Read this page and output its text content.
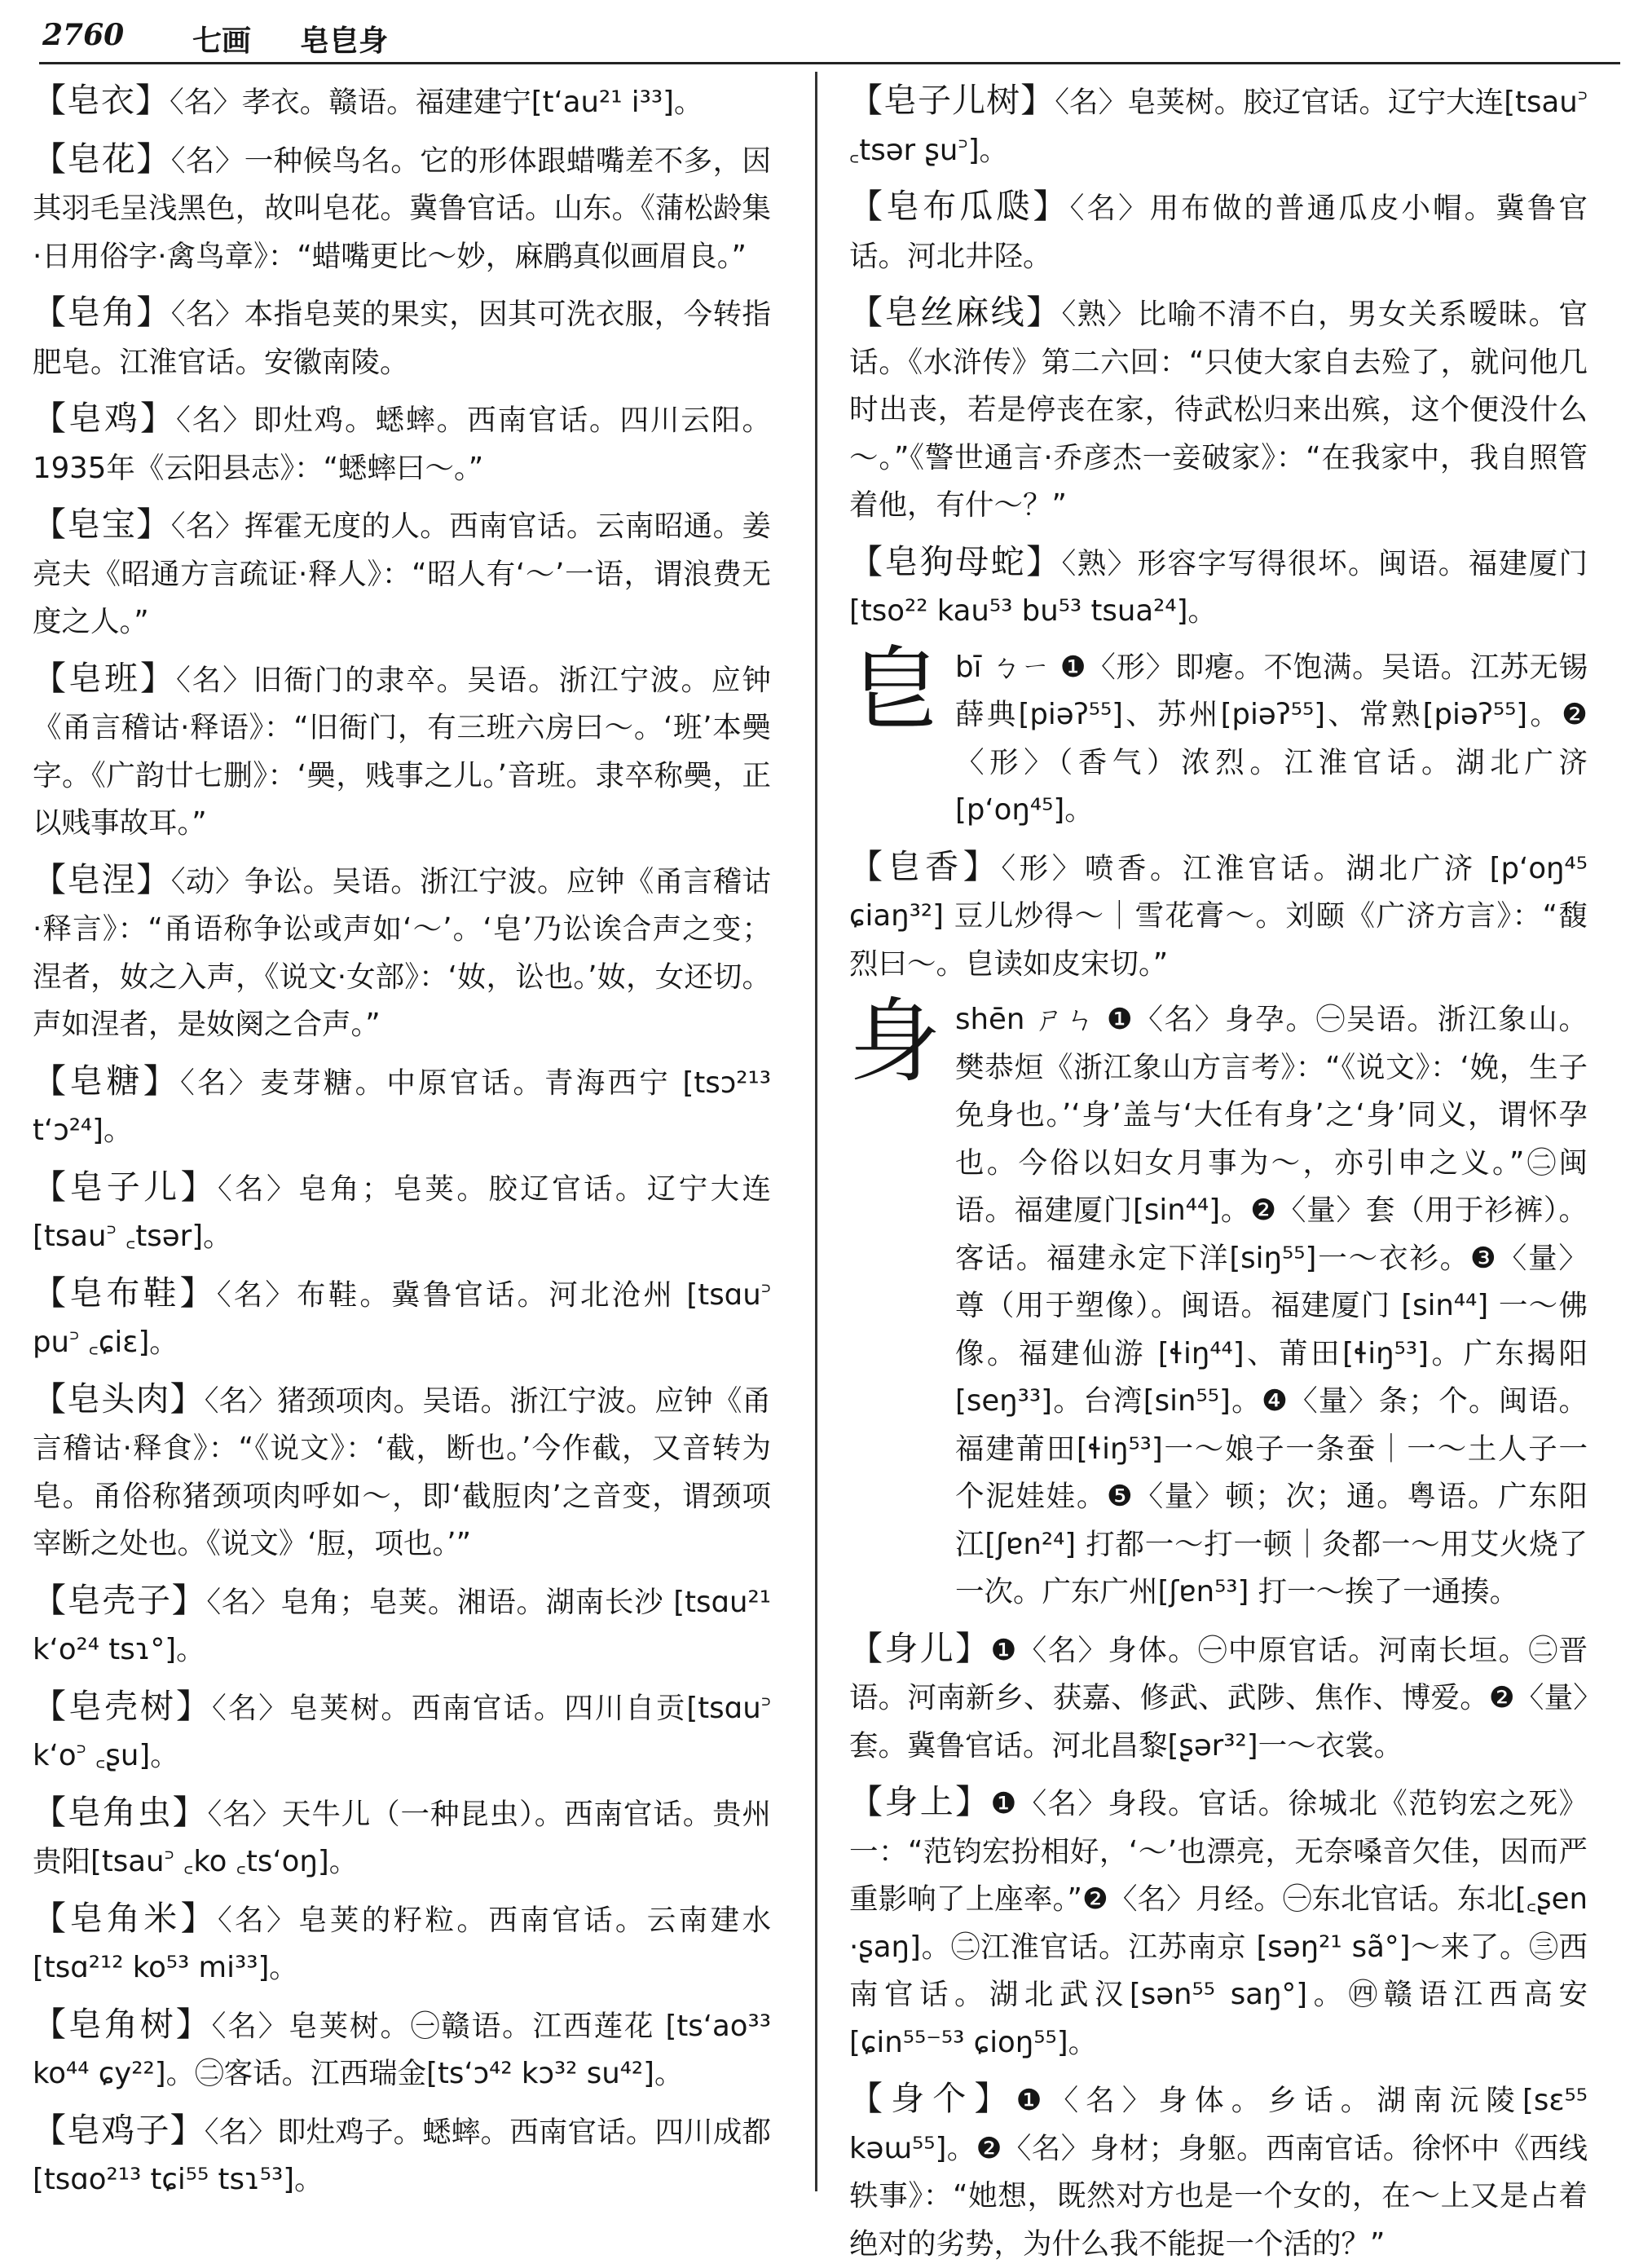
2760 七画 皂皀身

【皂衣】〈名〉孝衣。赣语。福建建宁[tʻau²¹ i³³]。

【皂花】〈名〉一种候鸟名。它的形体跟蜡嘴差不多，因其羽毛呈浅黑色，故叫皂花。冀鲁官话。山东。《蒲松龄集·日用俗字·禽鸟章》：“蜡嘴更比～妙，麻鹛真似画眉良。”

【皂角】〈名〉本指皂荚的果实，因其可洗衣服，今转指肥皂。江淮官话。安徽南陵。

【皂鸡】〈名〉即灶鸡。蟋蟀。西南官话。四川云阳。1935年《云阳县志》：“蟋蟀曰～。”

【皂宝】〈名〉挥霍无度的人。西南官话。云南昭通。姜亮夫《昭通方言疏证·释人》：“昭人有‘～’一语，谓浪费无度之人。”

【皂班】〈名〉旧衙门的隶卒。吴语。浙江宁波。应钟《甬言稽诂·释语》：“旧衙门，有三班六房曰～。‘班’本奰字。《广韵廿七删》：‘奰，贱事之儿。’音班。隶卒称奰，正以贱事故耳。”

【皂涅】〈动〉争讼。吴语。浙江宁波。应钟《甬言稽诂·释言》：“甬语称争讼或声如‘～’。‘皂’乃讼诶合声之变；涅者，奻之入声，《说文·女部》：‘奻，讼也。’奻，女还切。声如涅者，是奻阕之合声。”

【皂糖】〈名〉麦芽糖。中原官话。青海西宁 [tsɔ²¹³ tʻɔ²⁴]。

【皂子儿】〈名〉皂角；皂荚。胶辽官话。辽宁大连 [tsau꜄ ꜀tsər]。

【皂布鞋】〈名〉布鞋。冀鲁官话。河北沧州 [tsɑu꜄ pu꜄ ꜀ɕiɛ]。

【皂头肉】〈名〉猪颈项肉。吴语。浙江宁波。应钟《甬言稽诂·释食》：“《说文》：‘截，断也。’今作截，又音转为皂。甬俗称猪颈项肉呼如～，即‘截脰肉’之音变，谓颈项宰断之处也。《说文》‘脰，项也。’”

【皂壳子】〈名〉皂角；皂荚。湘语。湖南长沙 [tsɑu²¹ kʻo²⁴ tsɿ°]。

【皂壳树】〈名〉皂荚树。西南官话。四川自贡[tsɑu꜄ kʻo꜄ ꜀ʂu]。

【皂角虫】〈名〉天牛儿（一种昆虫）。西南官话。贵州贵阳[tsau꜄ ꜀ko ꜀tsʻoŋ]。

【皂角米】〈名〉皂荚的籽粒。西南官话。云南建水 [tsɑ²¹² ko⁵³ mi³³]。

【皂角树】〈名〉皂荚树。㊀赣语。江西莲花 [tsʻao³³ ko⁴⁴ ɕy²²]。㊁客话。江西瑞金[tsʻɔ⁴² kɔ³² su⁴²]。

【皂鸡子】〈名〉即灶鸡子。蟋蟀。西南官话。四川成都[tsɑo²¹³ tɕi⁵⁵ tsɿ⁵³]。

【皂子儿树】〈名〉皂荚树。胶辽官话。辽宁大连[tsau꜄ ꜀tsər ʂu꜄]。

【皂布瓜瓞】〈名〉用布做的普通瓜皮小帽。冀鲁官话。河北井陉。

【皂丝麻线】〈熟〉比喻不清不白，男女关系暧昧。官话。《水浒传》第二六回：“只使大家自去殓了，就问他几时出丧，若是停丧在家，待武松归来出殡，这个便没什么～。”《警世通言·乔彦杰一妾破家》：“在我家中，我自照管着他，有什～？”

【皂狗母蛇】〈熟〉形容字写得很坏。闽语。福建厦门 [tso²² kau⁵³ bu⁵³ tsua²⁴]。

皀 bī ㄅㄧ ❶〈形〉即瘪。不饱满。吴语。江苏无锡薛典[piəʔ⁵⁵]、苏州[piəʔ⁵⁵]、常熟[piəʔ⁵⁵]。❷〈形〉（香气）浓烈。江淮官话。湖北广济 [pʻoŋ⁴⁵]。

【皀香】〈形〉喷香。江淮官话。湖北广济 [pʻoŋ⁴⁵ ɕiaŋ³²] 豆儿炒得～｜雪花膏～。刘颐《广济方言》：“馥烈曰～。皀读如皮宋切。”

身 shēn ㄕㄣ ❶〈名〉身孕。㊀吴语。浙江象山。樊恭烜《浙江象山方言考》：“《说文》：‘娩，生子免身也。’‘身’盖与‘大任有身’之‘身’同义，谓怀孕也。今俗以妇女月事为～，亦引申之义。”㊁闽语。福建厦门[sin⁴⁴]。❷〈量〉套（用于衫裤）。客话。福建永定下洋[siŋ⁵⁵]一～衣衫。❸〈量〉尊（用于塑像）。闽语。福建厦门 [sin⁴⁴] 一～佛像。福建仙游 [ɬiŋ⁴⁴]、莆田[ɬiŋ⁵³]。广东揭阳[seŋ³³]。台湾[sin⁵⁵]。❹〈量〉条；个。闽语。福建莆田[ɬiŋ⁵³]一～娘子一条蚕｜一～土人子一个泥娃娃。❺〈量〉顿；次；通。粤语。广东阳江[ʃɐn²⁴] 打都一～打一顿｜灸都一～用艾火烧了一次。广东广州[ʃɐn⁵³] 打一～挨了一通揍。

【身儿】❶〈名〉身体。㊀中原官话。河南长垣。㊁晋语。河南新乡、获嘉、修武、武陟、焦作、博爱。❷〈量〉套。冀鲁官话。河北昌黎[ʂər³²]一～衣裳。

【身上】❶〈名〉身段。官话。徐城北《范钧宏之死》一：“范钧宏扮相好，‘～’也漂亮，无奈嗓音欠佳，因而严重影响了上座率。”❷〈名〉月经。㊀东北官话。东北[꜀ʂen ·ʂaŋ]。㊁江淮官话。江苏南京 [səŋ²¹ sã°]～来了。㊂西南官话。湖北武汉[sən⁵⁵ saŋ°]。㊃赣语江西高安[ɕin⁵⁵⁻⁵³ ɕioŋ⁵⁵]。

【身个】❶〈名〉身体。乡话。湖南沅陵[sɛ⁵⁵ kəɯ⁵⁵]。❷〈名〉身材；身躯。西南官话。徐怀中《西线轶事》：“她想，既然对方也是一个女的，在～上又是占着绝对的劣势，为什么我不能捉一个活的？”
